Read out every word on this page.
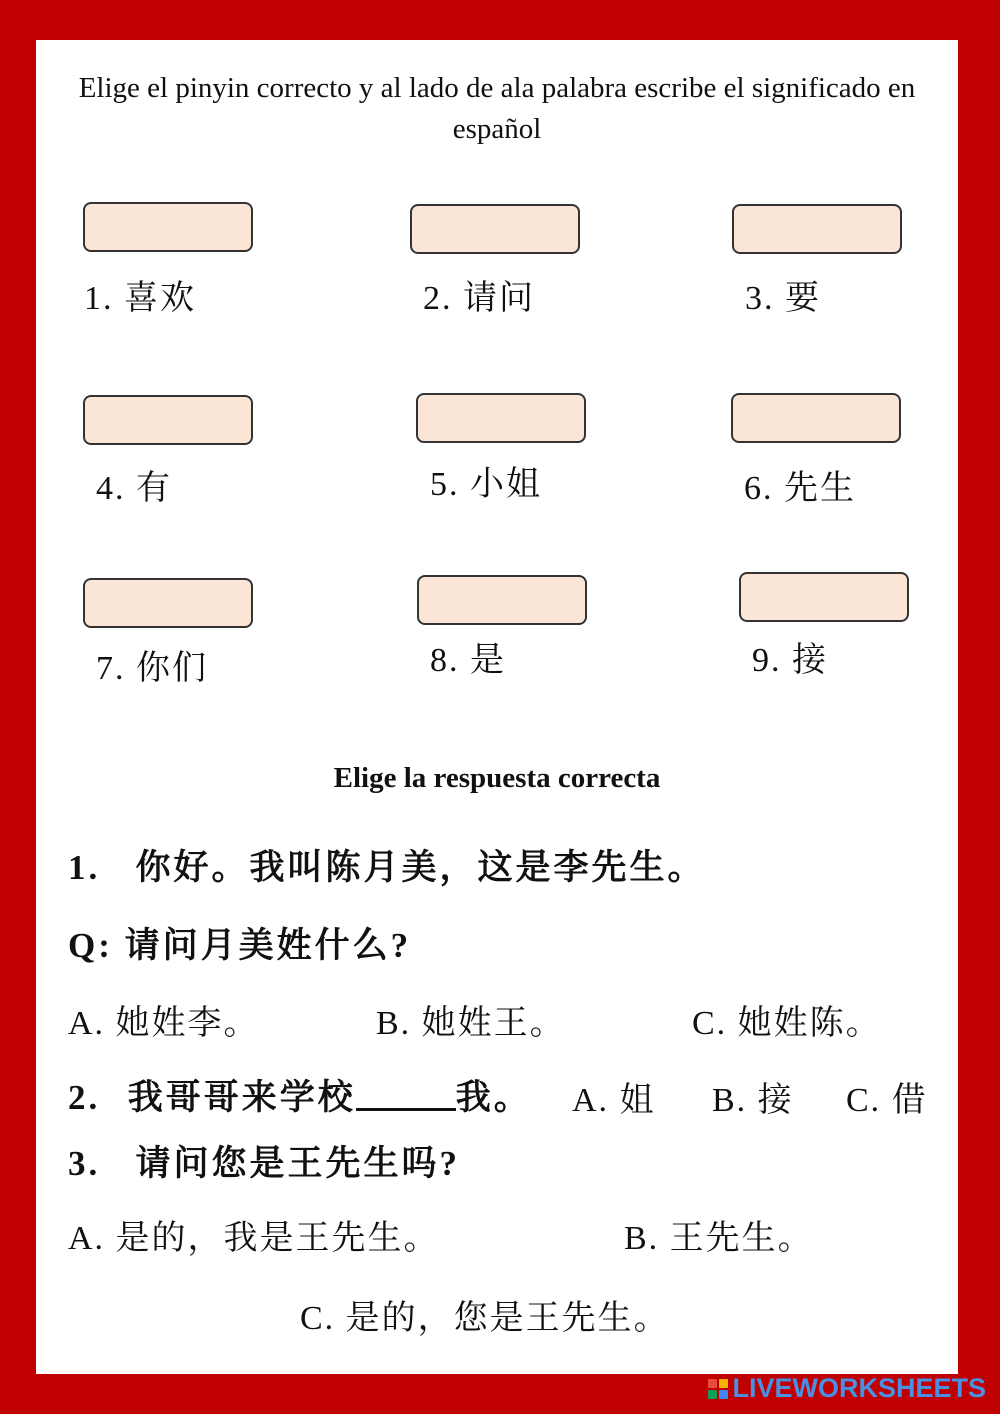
Elige el pinyin correcto y al lado de ala palabra escribe el significado en español
1. 喜欢	2. 请问	3. 要
4. 有	5. 小姐	6. 先生
7. 你们	8. 是	9. 接
Elige la respuesta correcta
1. 你好。我叫陈月美，这是李先生。
Q: 请问月美姓什么?
A. 她姓李。	B. 她姓王。	C. 她姓陈。
2. 我哥哥来学校	我。 A. 姐 B. 接 C. 借
3. 请问您是王先生吗?
A. 是的，我是王先生。	B. 王先生。
C. 是的，您是王先生。
LIVEWORKSHEETS
